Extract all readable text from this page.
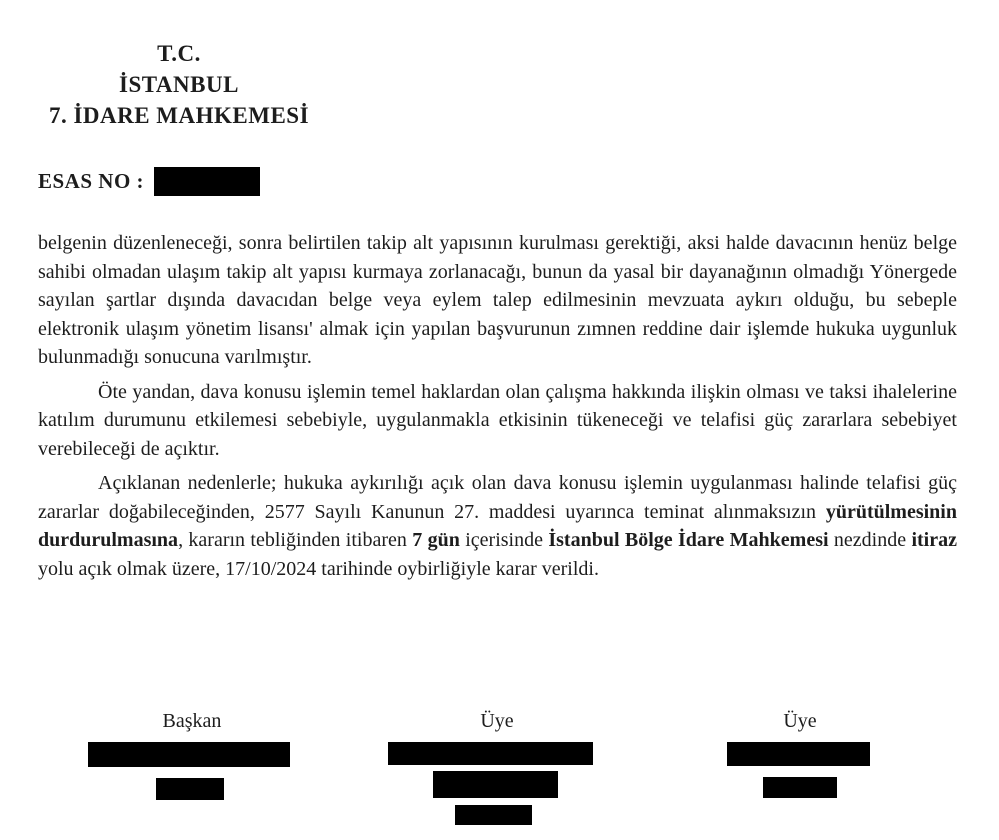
T.C.
İSTANBUL
7. İDARE MAHKEMESİ
ESAS NO :

belgenin düzenleneceği, sonra belirtilen takip alt yapısının kurulması gerektiği, aksi halde davacının henüz belge sahibi olmadan ulaşım takip alt yapısı kurmaya zorlanacağı, bunun da yasal bir dayanağının olmadığı Yönergede sayılan şartlar dışında davacıdan belge veya eylem talep edilmesinin mevzuata aykırı olduğu, bu sebeple elektronik ulaşım yönetim lisansı' almak için yapılan başvurunun zımnen reddine dair işlemde hukuka uygunluk bulunmadığı sonucuna varılmıştır.

Öte yandan, dava konusu işlemin temel haklardan olan çalışma hakkında ilişkin olması ve taksi ihalelerine katılım durumunu etkilemesi sebebiyle, uygulanmakla etkisinin tükeneceği ve telafisi güç zararlara sebebiyet verebileceği de açıktır.

Açıklanan nedenlerle; hukuka aykırılığı açık olan dava konusu işlemin uygulanması halinde telafisi güç zararlar doğabileceğinden, 2577 Sayılı Kanunun 27. maddesi uyarınca teminat alınmaksızın yürütülmesinin durdurulmasına, kararın tebliğinden itibaren 7 gün içerisinde İstanbul Bölge İdare Mahkemesi nezdinde itiraz yolu açık olmak üzere, 17/10/2024 tarihinde oybirliğiyle karar verildi.

Başkan	Üye	Üye
